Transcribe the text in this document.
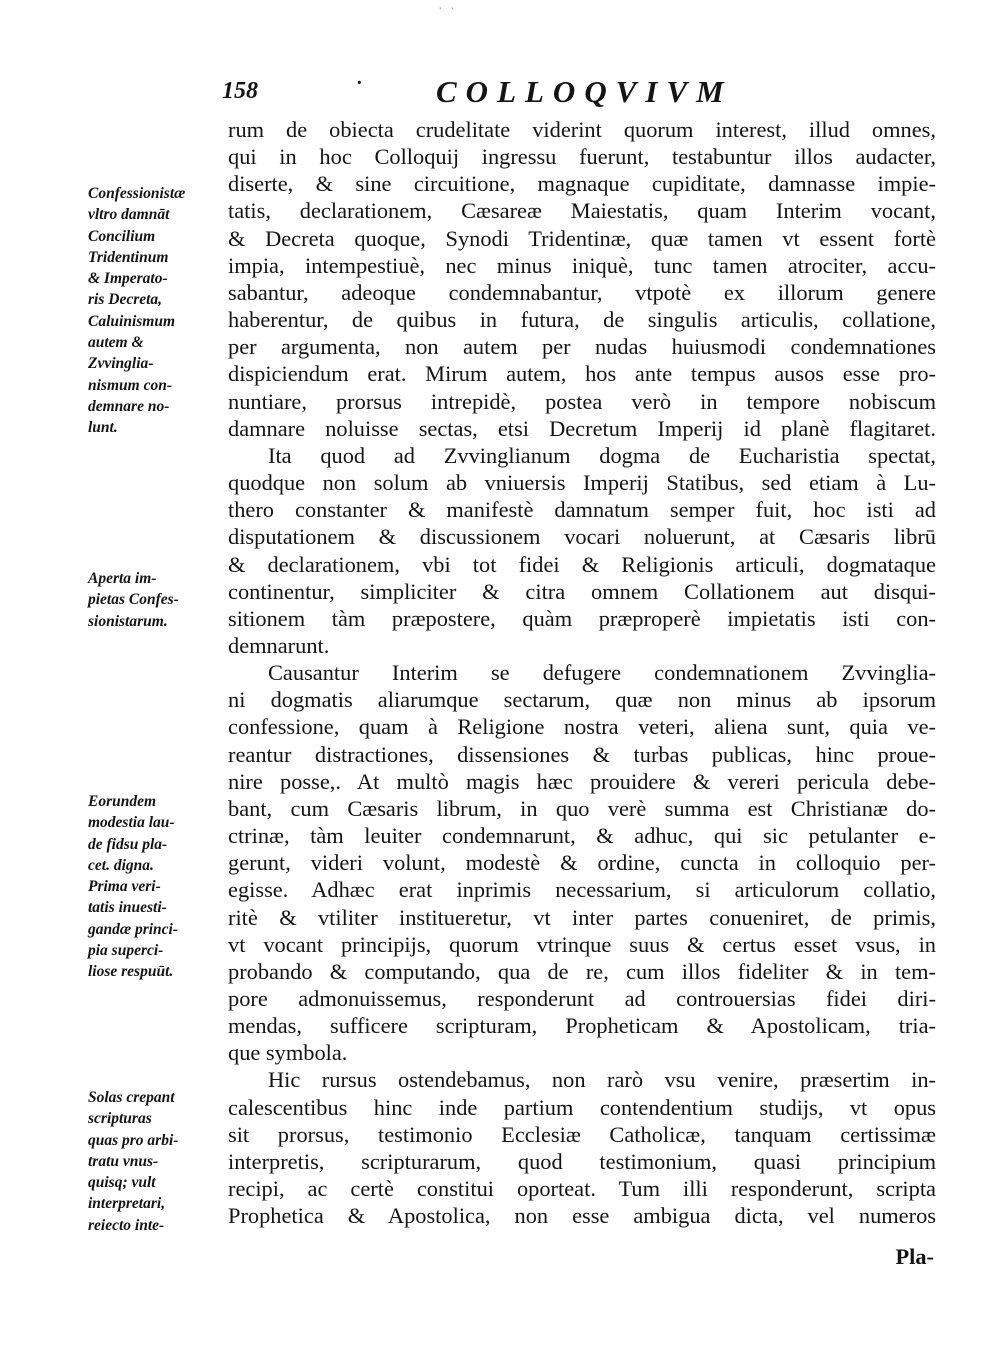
· ·
158	· COLLOQVIVM
Confessionistæ
vltro damnāt
Concilium
Tridentinum
& Imperato-
ris Decreta,
Caluinismum
autem &
Zvvinglia-
nismum con-
demnare no-
lunt.
Aperta im-
pietas Confes-
sionistarum.
Eorundem
modestia lau-
de fidsu pla-
cet. digna.
Prima veri-
tatis inuesti-
gandæ princi-
pia superci-
liose respuūt.
Solas crepant
scripturas
quas pro arbi-
tratu vnus-
quisq; vult
interpretari,
reiecto inte-
rum de obiecta crudelitate viderint quorum interest, illud omnes,
qui in hoc Colloquij ingressu fuerunt, testabuntur illos audacter,
diserte, & sine circuitione, magnaque cupiditate, damnasse impie-
tatis, declarationem, Cæsareæ Maiestatis, quam Interim vocant,
& Decreta quoque, Synodi Tridentinæ, quæ tamen vt essent fortè
impia, intempestiuè, nec minus iniquè, tunc tamen atrociter, accu-
sabantur, adeoque condemnabantur, vtpotè ex illorum genere
haberentur, de quibus in futura, de singulis articulis, collatione,
per argumenta, non autem per nudas huiusmodi condemnationes
dispiciendum erat. Mirum autem, hos ante tempus ausos esse pro-
nuntiare, prorsus intrepidè, postea verò in tempore nobiscum
damnare noluisse sectas, etsi Decretum Imperij id planè flagitaret.
Ita quod ad Zvvinglianum dogma de Eucharistia spectat,
quodque non solum ab vniuersis Imperij Statibus, sed etiam à Lu-
thero constanter & manifestè damnatum semper fuit, hoc isti ad
disputationem & discussionem vocari noluerunt, at Cæsaris librū
& declarationem, vbi tot fidei & Religionis articuli, dogmataque
continentur, simpliciter & citra omnem Collationem aut disqui-
sitionem tàm præpostere, quàm præproperè impietatis isti con-
demnarunt.
Causantur Interim se defugere condemnationem Zvvingliа-
ni dogmatis aliarumque sectarum, quæ non minus ab ipsorum
confessione, quam à Religione nostra veteri, aliena sunt, quia ve-
reantur distractiones, dissensiones & turbas publicas, hinc proue-
nire posse,. At multò magis hæc prouidere & vereri pericula debe-
bant, cum Cæsaris librum, in quo verè summa est Christianæ do-
ctrinæ, tàm leuiter condemnarunt, & adhuc, qui sic petulanter e-
gerunt, videri volunt, modestè & ordine, cuncta in colloquio per-
egisse. Adhæc erat inprimis necessarium, si articulorum collatio,
ritè & vtiliter institueretur, vt inter partes conueniret, de primis,
vt vocant principijs, quorum vtrinque suus & certus esset vsus, in
probando & computando, qua de re, cum illos fideliter & in tem-
pore admonuissemus, responderunt ad controuersias fidei diri-
mendas, sufficere scripturam, Propheticam & Apostolicam, tria-
que symbola.
Hic rursus ostendebamus, non rarò vsu venire, præsertim in-
calescentibus hinc inde partium contendentium studijs, vt opus
sit prorsus, testimonio Ecclesiæ Catholicæ, tanquam certissimæ
interpretis, scripturarum, quod testimonium, quasi principium
recipi, ac certè constitui oporteat. Tum illi responderunt, scripta
Prophetica & Apostolica, non esse ambigua dicta, vel numeros
Pla-
